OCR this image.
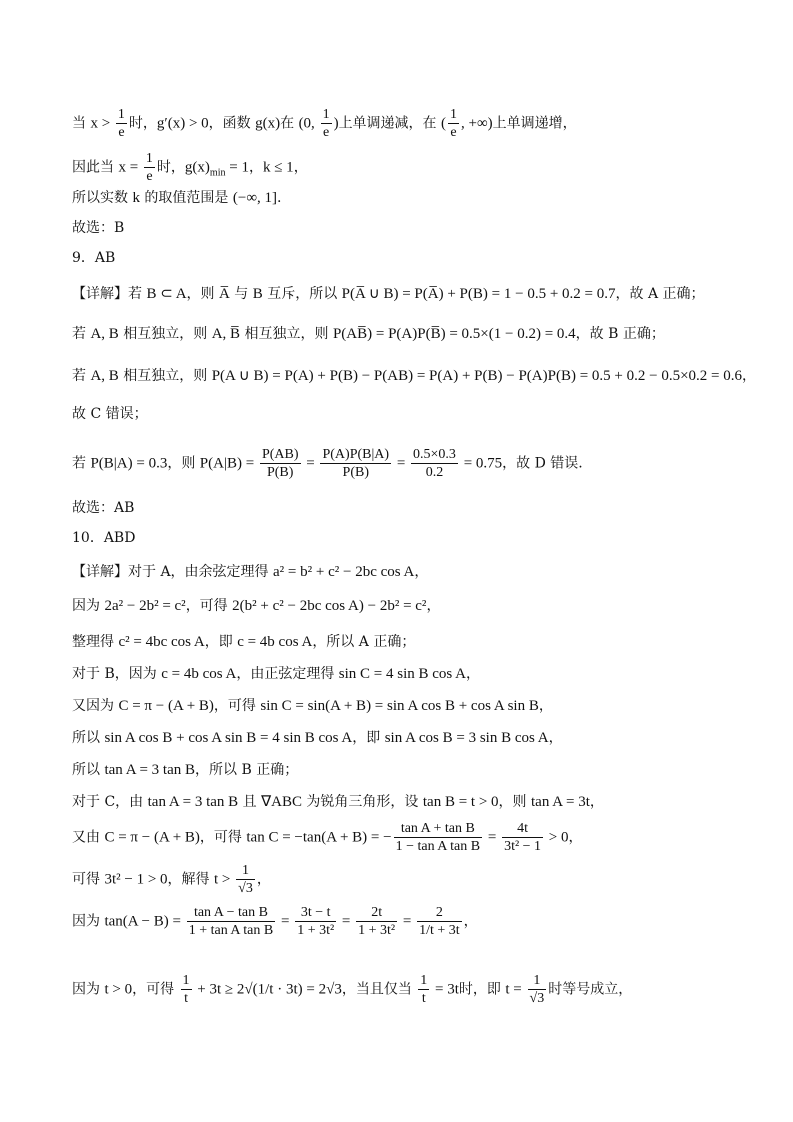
当 $x > \frac{1}{e}$ 时，g′(x) > 0，函数 g(x)在 (0, $\frac{1}{e}$ )上单调递减，在 ( $\frac{1}{e}$ , +∞)上单调递增，
因此当 $x = \frac{1}{e}$ 时，$g(x)_{min} = 1$，k ≤ 1，
所以实数 k 的取值范围是 (−∞, 1].
故选：B
9．AB
【详解】若 B ⊂ A，则 A̅ 与 B 互斥，所以 P(A̅ ∪ B) = P(A̅) + P(B) = 1 − 0.5 + 0.2 = 0.7，故 A 正确；
若 A, B 相互独立，则 A, B̅ 相互独立，则 P(AB̅) = P(A)P(B̅) = 0.5×(1 − 0.2) = 0.4，故 B 正确；
若 A, B 相互独立，则 P(A ∪ B) = P(A) + P(B) − P(AB) = P(A) + P(B) − P(A)P(B) = 0.5 + 0.2 − 0.5×0.2 = 0.6，
故 C 错误；
若 P(B|A) = 0.3，则 $P(A|B) = \frac{P(AB)}{P(B)} = \frac{P(A)P(B|A)}{P(B)} = \frac{0.5\times 0.3}{0.2} = 0.75$，故 D 错误.
故选：AB
10．ABD
【详解】对于 A，由余弦定理得 a² = b² + c² − 2bc cos A，
因为 2a² − 2b² = c²，可得 2(b² + c² − 2bc cos A) − 2b² = c²，
整理得 c² = 4bc cos A，即 c = 4b cos A，所以 A 正确；
对于 B，因为 c = 4b cos A，由正弦定理得 sin C = 4 sin B cos A，
又因为 C = π − (A + B)，可得 sin C = sin(A + B) = sin A cos B + cos A sin B，
所以 sin A cos B + cos A sin B = 4 sin B cos A，即 sin A cos B = 3 sin B cos A，
所以 tan A = 3 tan B，所以 B 正确；
对于 C，由 tan A = 3 tan B 且 ∇ABC 为锐角三角形，设 tan B = t > 0，则 tan A = 3t，
又由 C = π − (A + B)，可得 tan C = −tan(A + B) = − $\frac{\text{tan A + tan B}}{\text{1 − tan A tan B}} = \frac{4t}{\text{3t² − 1}} > 0$，
可得 3t² − 1 > 0，解得 $t > \frac{1}{√3}$ ，
因为 $\tan(A - B) = \frac{\text{tan A − tan B}}{\text{1 + tan A tan B}} = \frac{3t - t}{\text{1 + 3t²}} = \frac{2t}{\text{1 + 3t²}} = \frac{2}{1/t + 3t}$ ，
因为 t > 0，可得 $\frac{1}{t} + 3t \ge 2√(1/t \cdot 3t) = 2√3$，当且仅当 $\frac{1}{t} = 3t$时，即 $t = \frac{1}{√3}$ 时等号成立，
